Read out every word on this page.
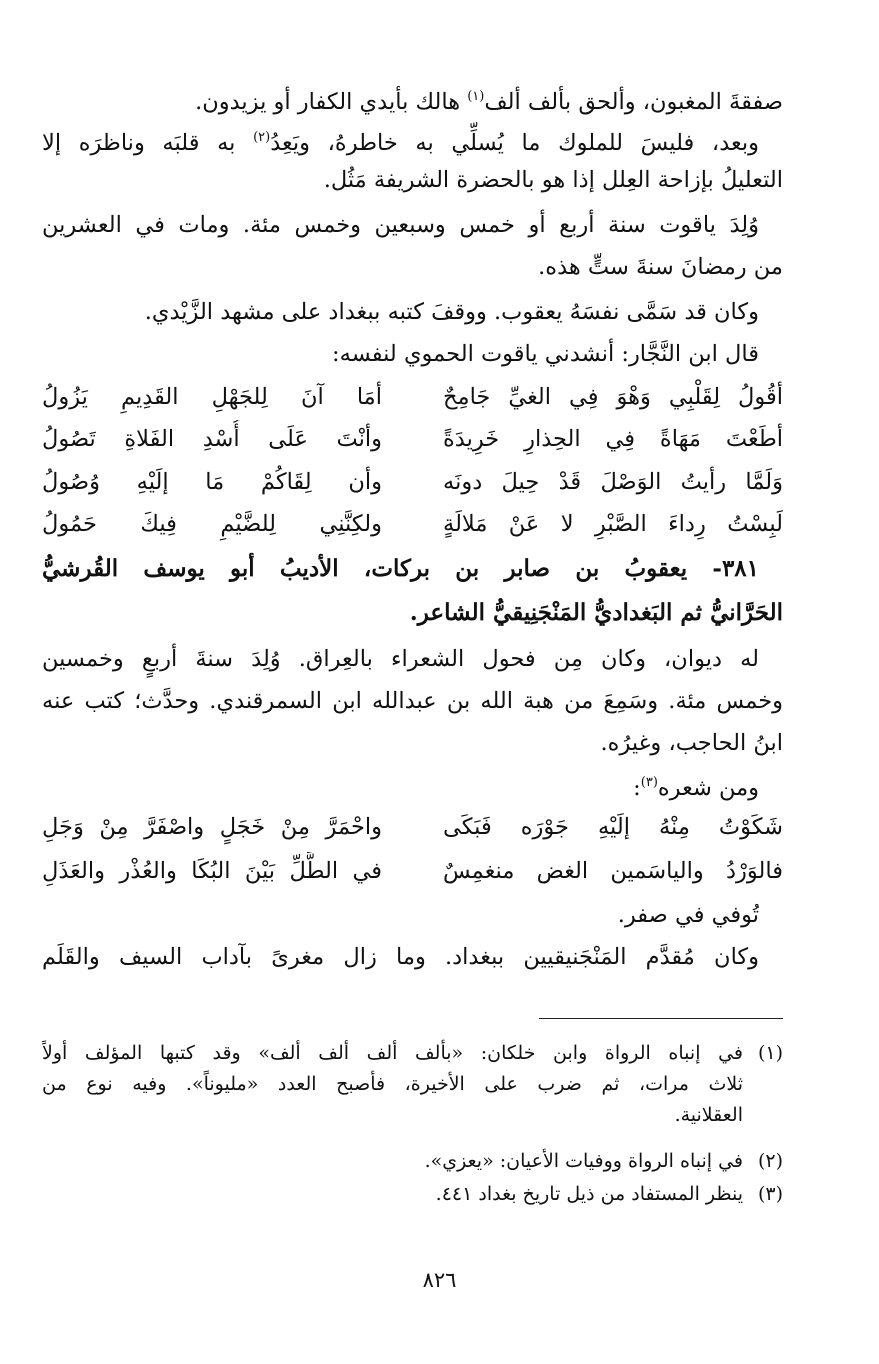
صفقةَ المغبون، وألحق بألف ألف$^{(١)}$ هالك بأيدي الكفار أو يزيدون.
وبعد، فليسَ للملوك ما يُسلِّي به خاطرهُ، ويَعِدُ$^{(٢)}$ به قلبَه وناظرَه إلا
التعليلُ بإزاحة العِلل إذا هو بالحضرة الشريفة مَثُل.
وُلِدَ ياقوت سنة أربع أو خمس وسبعين وخمس مئة. ومات في العشرين
من رمضانَ سنةَ ستٍّ هذه.
وكان قد سَمَّى نفسَهُ يعقوب. ووقفَ كتبه ببغداد على مشهد الزَّيْدي.
قال ابن النَّجَّار: أنشدني ياقوت الحموي لنفسه:
أقُولُ لِقَلْبِي وَهْوَ فِي الغيِّ جَامِحٌ
أمَا آنَ لِلجَهْلِ القَدِيمِ يَزُولُ
أطَعْتَ مَهَاةً فِي الحِذارِ خَرِيدَةً
وأنْتَ عَلَى أُسْدِ الفَلاةِ تَصُولُ
وَلَمَّا رأيتُ الوَصْلَ قَدْ حِيلَ دونَه
وأن لِقَاكُمْ مَا إلَيْهِ وُصُولُ
لَبِسْتُ رِداءَ الصَّبْرِ لا عَنْ مَلالَةٍ
ولكِنَّنِي لِلضَّيْمِ فِيكَ حَمُولُ
٣٨١- يعقوبُ بن صابر بن بركات، الأديبُ أبو يوسف القُرشيُّ
الحَرَّانيُّ ثم البَغداديُّ المَنْجَنِيقيُّ الشاعر.
له ديوان، وكان مِن فحول الشعراء بالعِراق. وُلِدَ سنةَ أربعٍ وخمسين
وخمس مئة. وسَمِعَ من هبة الله بن عبدالله ابن السمرقندي. وحدَّث؛ كتب عنه
ابنُ الحاجب، وغيرُه.
ومن شعره$^{(٣)}$:
شَكَوْتُ مِنْهُ إلَيْهِ جَوْرَه فَبَكَى
واحْمَرَّ مِنْ خَجَلٍ واصْفَرَّ مِنْ وَجَلِ
فالوَرْدُ والياسَمين الغض منغمِسٌ
في الطَّلِّ بَيْنَ البُكَا والعُذْر والعَذَلِ
تُوفي في صفر.
وكان مُقدَّم المَنْجَنيقيين ببغداد. وما زال مغرىً بآداب السيف والقَلَم
(١)في إنباه الرواة وابن خلكان: «بألف ألف ألف ألف» وقد كتبها المؤلف أولاً
ثلاث مرات، ثم ضرب على الأخيرة، فأصبح العدد «مليوناً». وفيه نوع من
العقلانية.
(٢)في إنباه الرواة ووفيات الأعيان: «يعزي».
(٣)ينظر المستفاد من ذيل تاريخ بغداد ٤٤١.
٨٢٦
